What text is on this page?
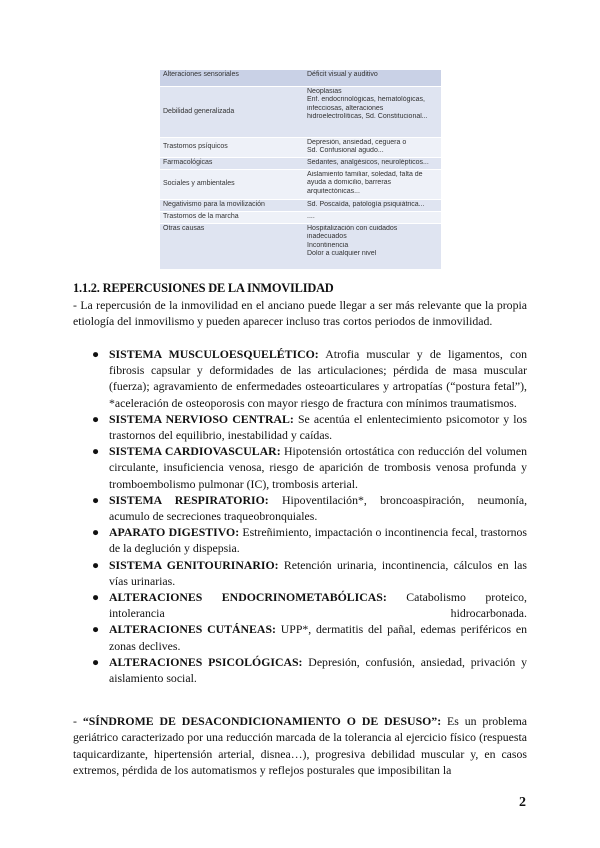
Alteraciones sensoriales	Déficit visual y auditivo
Debilidad generalizada	Neoplasias
Enf. endocrinológicas, hematológicas,
infecciosas, alteraciones
hidroelectrolíticas, Sd. Constitucional...

Trastornos psíquicos	Depresión, ansiedad, ceguera o
Sd. Confusional agudo...

Farmacológicas	Sedantes, analgésicos, neurolépticos...

Sociales y ambientales	Aislamiento familiar, soledad, falta de
ayuda a domicilio, barreras
arquitectónicas...

Negativismo para la movilización	Sd. Poscaída, patología psiquiátrica...

Trastornos de la marcha	....

Otras causas	Hospitalización con cuidados
inadecuados
Incontinencia
Dolor a cualquier nivel
1.1.2. REPERCUSIONES DE LA INMOVILIDAD

- La repercusión de la inmovilidad en el anciano puede llegar a ser más relevante que la propia etiología del inmovilismo y pueden aparecer incluso tras cortos periodos de inmovilidad.

● SISTEMA MUSCULOESQUELÉTICO: Atrofia muscular y de ligamentos, con fibrosis capsular y deformidades de las articulaciones; pérdida de masa muscular (fuerza); agravamiento de enfermedades osteoarticulares y artropatías (“postura fetal”), *aceleración de osteoporosis con mayor riesgo de fractura con mínimos traumatismos.
● SISTEMA NERVIOSO CENTRAL: Se acentúa el enlentecimiento psicomotor y los trastornos del equilibrio, inestabilidad y caídas.
● SISTEMA CARDIOVASCULAR: Hipotensión ortostática con reducción del volumen circulante, insuficiencia venosa, riesgo de aparición de trombosis venosa profunda y tromboembolismo pulmonar (IC), trombosis arterial.
● SISTEMA RESPIRATORIO: Hipoventilación*, broncoaspiración, neumonía, acumulo de secreciones traqueobronquiales.
● APARATO DIGESTIVO: Estreñimiento, impactación o incontinencia fecal, trastornos de la deglución y dispepsia.
● SISTEMA GENITOURINARIO: Retención urinaria, incontinencia, cálculos en las vías urinarias.
● ALTERACIONES ENDOCRINOMETABÓLICAS: Catabolismo proteico, intolerancia hidrocarbonada.
● ALTERACIONES CUTÁNEAS: UPP*, dermatitis del pañal, edemas periféricos en zonas declives.
● ALTERACIONES PSICOLÓGICAS: Depresión, confusión, ansiedad, privación y aislamiento social.

- “SÍNDROME DE DESACONDICIONAMIENTO O DE DESUSO”: Es un problema geriátrico caracterizado por una reducción marcada de la tolerancia al ejercicio físico (respuesta taquicardizante, hipertensión arterial, disnea…), progresiva debilidad muscular y, en casos extremos, pérdida de los automatismos y reflejos posturales que imposibilitan la

2
